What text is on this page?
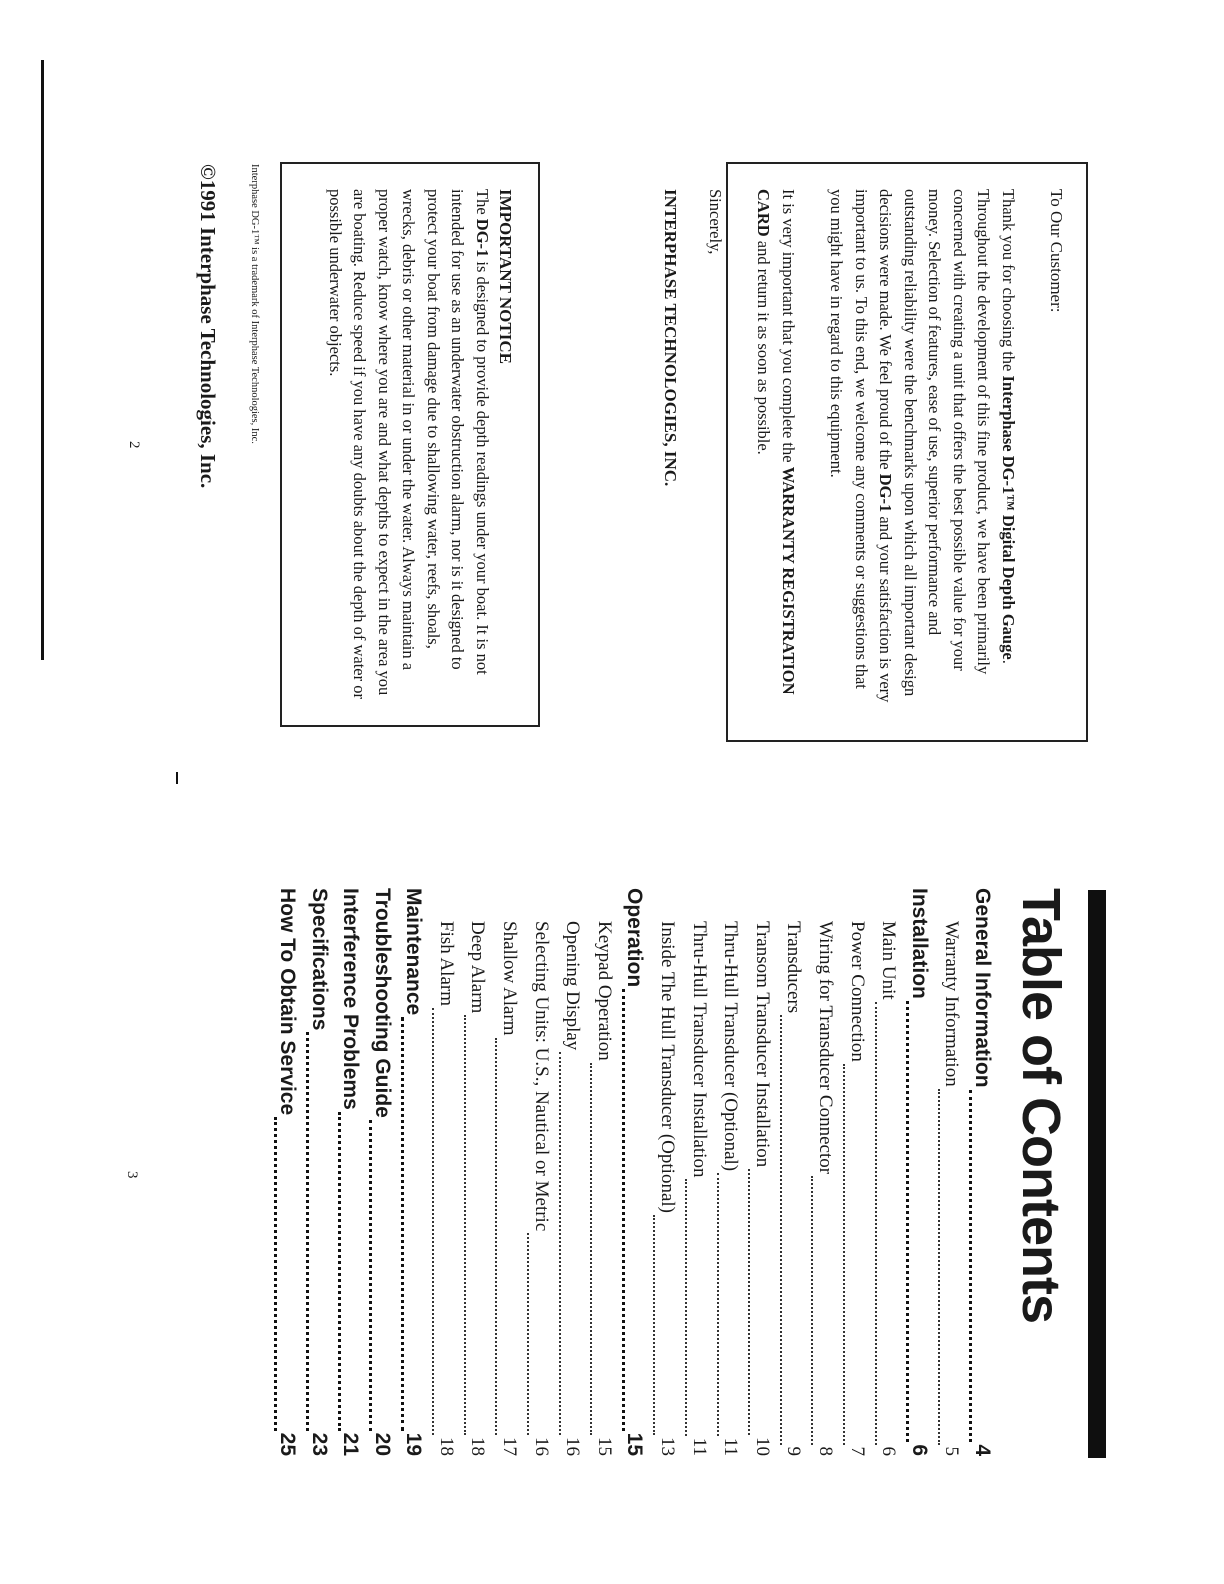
To Our Customer:

Thank you for choosing the Interphase DG-1™ Digital Depth Gauge. Throughout the development of this fine product, we have been primarily concerned with creating a unit that offers the best possible value for your money. Selection of features, ease of use, superior performance and outstanding reliability were the benchmarks upon which all important design decisions were made. We feel proud of the DG-1 and your satisfaction is very important to us. To this end, we welcome any comments or suggestions that you might have in regard to this equipment.

It is very important that you complete the WARRANTY REGISTRATION CARD and return it as soon as possible.

Sincerely,

INTERPHASE TECHNOLOGIES, INC.
IMPORTANT NOTICE

The DG-1 is designed to provide depth readings under your boat. It is not intended for use as an underwater obstruction alarm, nor is it designed to protect your boat from damage due to shallowing water, reefs, shoals, wrecks, debris or other material in or under the water. Always maintain a proper watch, know where you are and what depths to expect in the area you are boating. Reduce speed if you have any doubts about the depth of water or possible underwater objects.

Interphase DG-1™ is a trademark of Interphase Technologies, Inc.
©1991 Interphase Technologies, Inc.
2
Table of Contents
General Information
4
Warranty Information
5
Installation
6
Main Unit
6
Power Connection
7
Wiring for Transducer Connector
8
Transducers
9
Transom Transducer Installation
10
Thru-Hull Transducer (Optional)
11
Thru-Hull Transducer Installation
11
Inside The Hull Transducer (Optional)
13
Operation
15
Keypad Operation
15
Opening Display
16
Selecting Units: U.S., Nautical or Metric
16
Shallow Alarm
17
Deep Alarm
18
Fish Alarm
18
Maintenance
19
Troubleshooting Guide
20
Interference Problems
21
Specifications
23
How To Obtain Service
25
3
